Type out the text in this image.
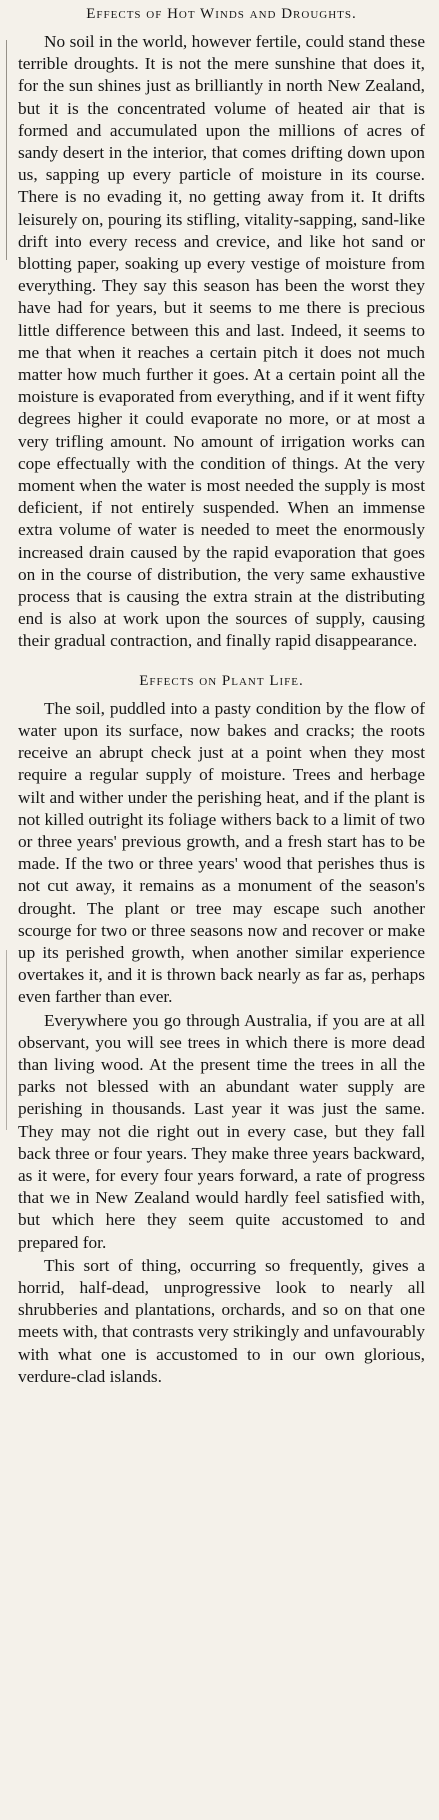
Effects of Hot Winds and Droughts.

No soil in the world, however fertile, could stand these terrible droughts. It is not the mere sunshine that does it, for the sun shines just as brilliantly in north New Zealand, but it is the concentrated volume of heated air that is formed and accumulated upon the millions of acres of sandy desert in the interior, that comes drifting down upon us, sapping up every particle of moisture in its course. There is no evading it, no getting away from it. It drifts leisurely on, pouring its stifling, vitality-sapping, sand-like drift into every recess and crevice, and like hot sand or blotting paper, soaking up every vestige of moisture from everything. They say this season has been the worst they have had for years, but it seems to me there is precious little difference between this and last. Indeed, it seems to me that when it reaches a certain pitch it does not much matter how much further it goes. At a certain point all the moisture is evaporated from everything, and if it went fifty degrees higher it could evaporate no more, or at most a very trifling amount. No amount of irrigation works can cope effectually with the condition of things. At the very moment when the water is most needed the supply is most deficient, if not entirely suspended. When an immense extra volume of water is needed to meet the enormously increased drain caused by the rapid evaporation that goes on in the course of distribution, the very same exhaustive process that is causing the extra strain at the distributing end is also at work upon the sources of supply, causing their gradual contraction, and finally rapid disappearance.

Effects on Plant Life.

The soil, puddled into a pasty condition by the flow of water upon its surface, now bakes and cracks; the roots receive an abrupt check just at a point when they most require a regular supply of moisture. Trees and herbage wilt and wither under the perishing heat, and if the plant is not killed outright its foliage withers back to a limit of two or three years' previous growth, and a fresh start has to be made. If the two or three years' wood that perishes thus is not cut away, it remains as a monument of the season's drought. The plant or tree may escape such another scourge for two or three seasons now and recover or make up its perished growth, when another similar experience overtakes it, and it is thrown back nearly as far as, perhaps even farther than ever.

Everywhere you go through Australia, if you are at all observant, you will see trees in which there is more dead than living wood. At the present time the trees in all the parks not blessed with an abundant water supply are perishing in thousands. Last year it was just the same. They may not die right out in every case, but they fall back three or four years. They make three years backward, as it were, for every four years forward, a rate of progress that we in New Zealand would hardly feel satisfied with, but which here they seem quite accustomed to and prepared for.

This sort of thing, occurring so frequently, gives a horrid, half-dead, unprogressive look to nearly all shrubberies and plantations, orchards, and so on that one meets with, that contrasts very strikingly and unfavourably with what one is accustomed to in our own glorious, verdure-clad islands.
